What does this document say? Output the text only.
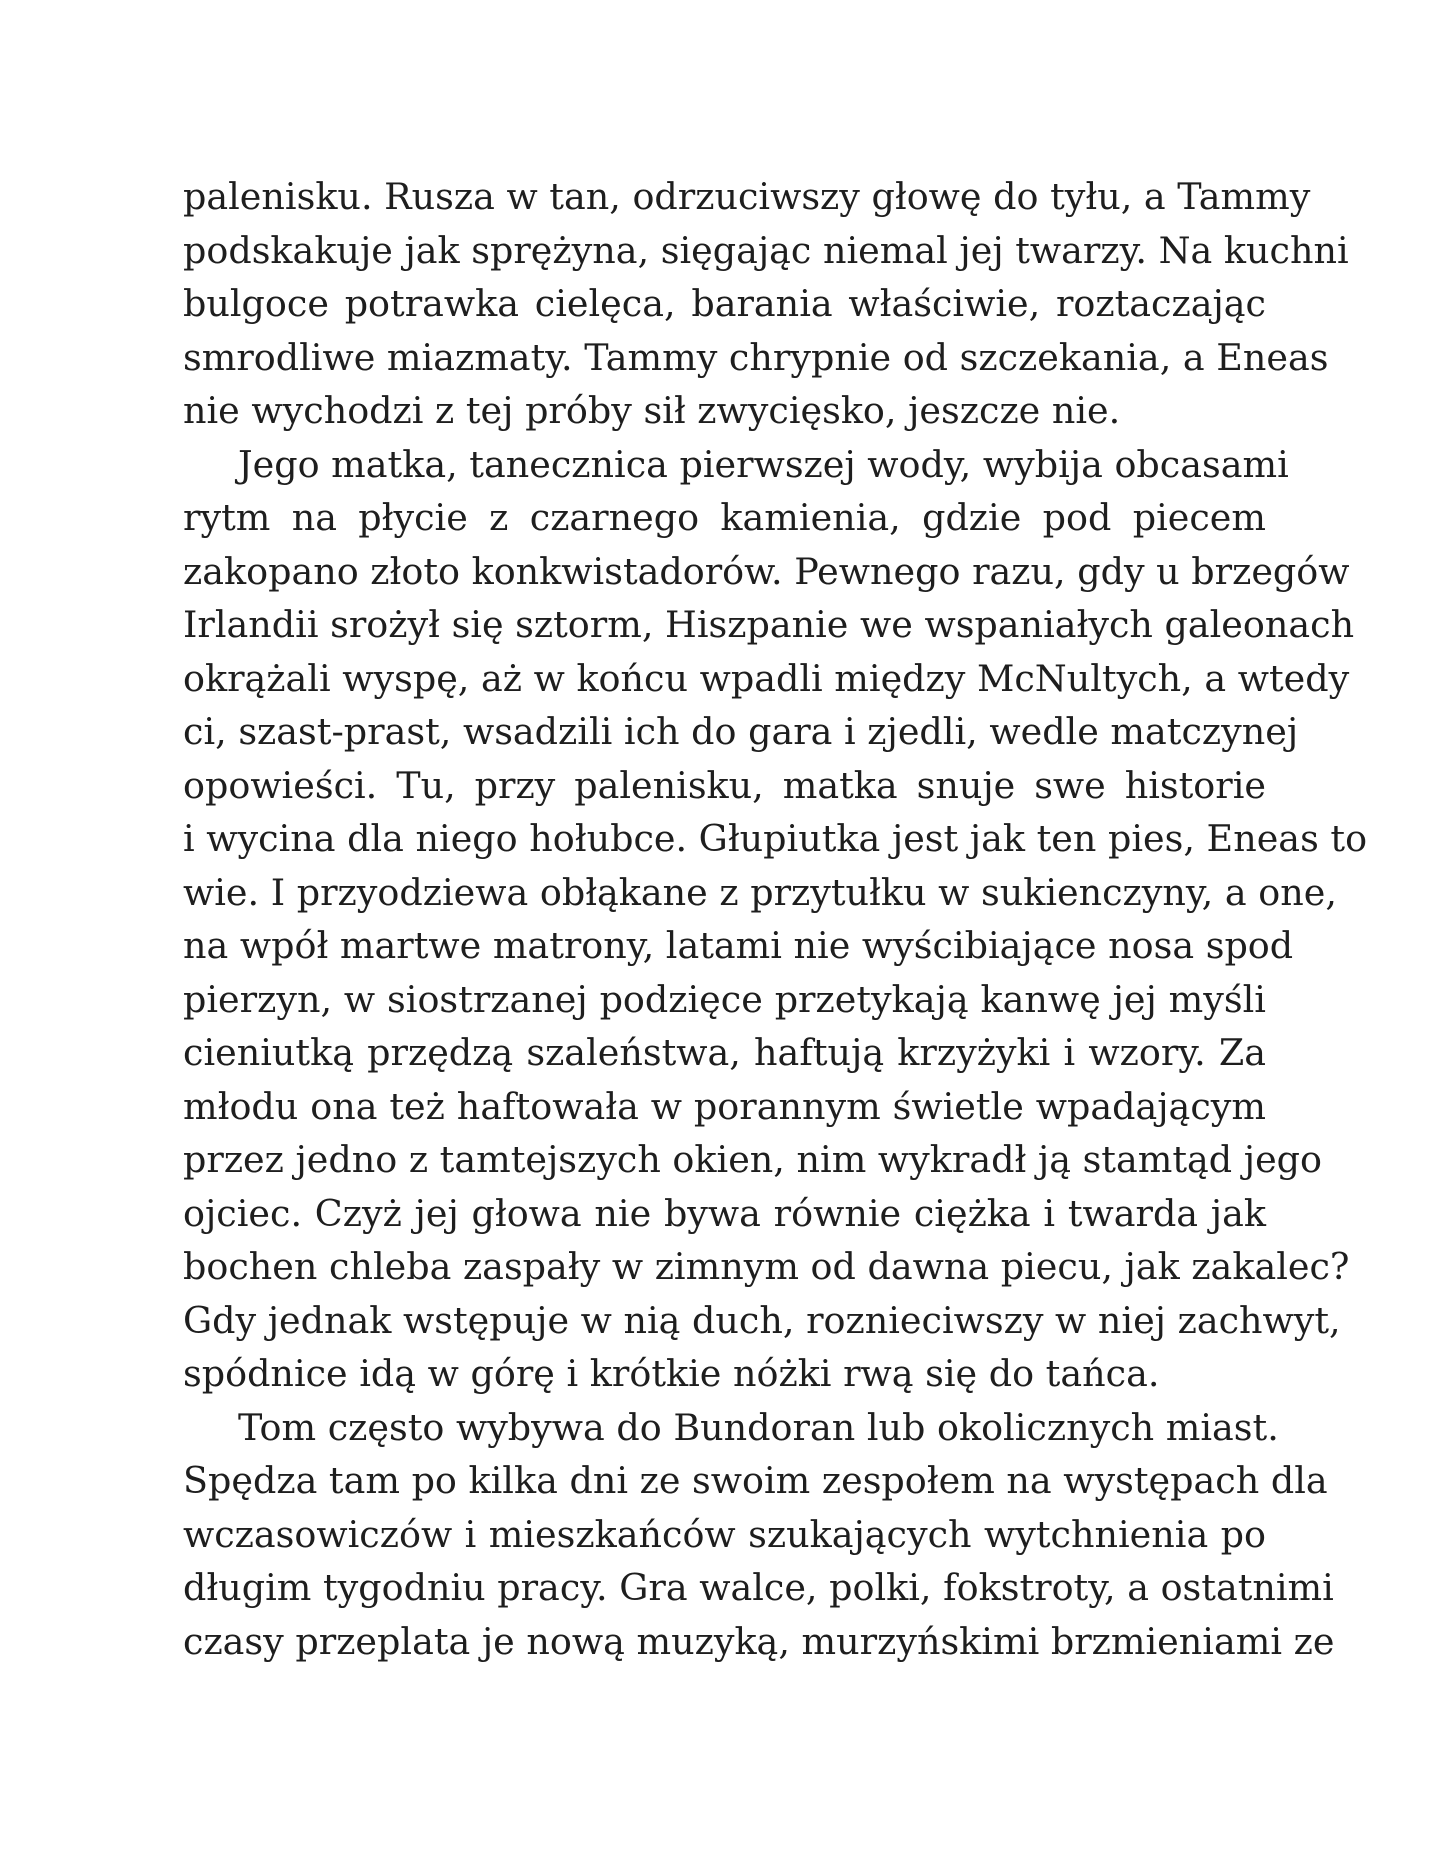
palenisku. Rusza w tan, odrzuciwszy głowę do tyłu, a Tammy
podskakuje jak sprężyna, sięgając niemal jej twarzy. Na kuchni
bulgoce potrawka cielęca, barania właściwie, roztaczając
smrodliwe miazmaty. Tammy chrypnie od szczekania, a Eneas
nie wychodzi z tej próby sił zwycięsko, jeszcze nie.
Jego matka, tanecznica pierwszej wody, wybija obcasami
rytm na płycie z czarnego kamienia, gdzie pod piecem
zakopano złoto konkwistadorów. Pewnego razu, gdy u brzegów
Irlandii srożył się sztorm, Hiszpanie we wspaniałych galeonach
okrążali wyspę, aż w końcu wpadli między McNultych, a wtedy
ci, szast-prast, wsadzili ich do gara i zjedli, wedle matczynej
opowieści. Tu, przy palenisku, matka snuje swe historie
i wycina dla niego hołubce. Głupiutka jest jak ten pies, Eneas to
wie. I przyodziewa obłąkane z przytułku w sukienczyny, a one,
na wpół martwe matrony, latami nie wyścibiające nosa spod
pierzyn, w siostrzanej podzięce przetykają kanwę jej myśli
cieniutką przędzą szaleństwa, haftują krzyżyki i wzory. Za
młodu ona też haftowała w porannym świetle wpadającym
przez jedno z tamtejszych okien, nim wykradł ją stamtąd jego
ojciec. Czyż jej głowa nie bywa równie ciężka i twarda jak
bochen chleba zaspały w zimnym od dawna piecu, jak zakalec?
Gdy jednak wstępuje w nią duch, roznieciwszy w niej zachwyt,
spódnice idą w górę i krótkie nóżki rwą się do tańca.
Tom często wybywa do Bundoran lub okolicznych miast.
Spędza tam po kilka dni ze swoim zespołem na występach dla
wczasowiczów i mieszkańców szukających wytchnienia po
długim tygodniu pracy. Gra walce, polki, fokstroty, a ostatnimi
czasy przeplata je nową muzyką, murzyńskimi brzmieniami ze
